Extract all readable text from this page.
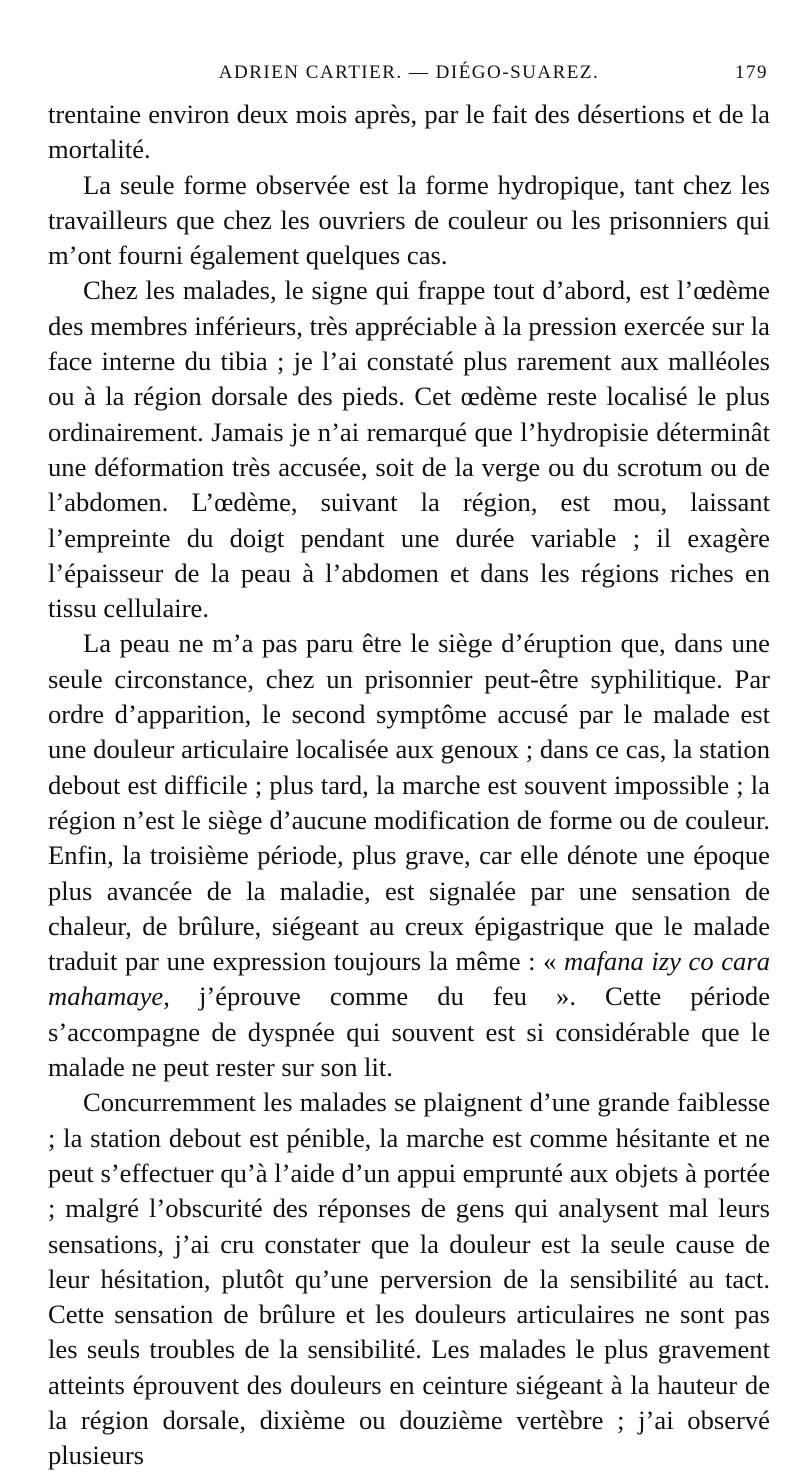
ADRIEN CARTIER. — DIÉGO-SUAREZ.	179

trentaine environ deux mois après, par le fait des désertions et de la mortalité.

La seule forme observée est la forme hydropique, tant chez les travailleurs que chez les ouvriers de couleur ou les prisonniers qui m’ont fourni également quelques cas.

Chez les malades, le signe qui frappe tout d’abord, est l’œdème des membres inférieurs, très appréciable à la pression exercée sur la face interne du tibia ; je l’ai constaté plus rarement aux malléoles ou à la région dorsale des pieds. Cet œdème reste localisé le plus ordinairement. Jamais je n’ai remarqué que l’hydropisie déterminât une déformation très accusée, soit de la verge ou du scrotum ou de l’abdomen. L’œdème, suivant la région, est mou, laissant l’empreinte du doigt pendant une durée variable ; il exagère l’épaisseur de la peau à l’abdomen et dans les régions riches en tissu cellulaire.

La peau ne m’a pas paru être le siège d’éruption que, dans une seule circonstance, chez un prisonnier peut-être syphilitique. Par ordre d’apparition, le second symptôme accusé par le malade est une douleur articulaire localisée aux genoux ; dans ce cas, la station debout est difficile ; plus tard, la marche est souvent impossible ; la région n’est le siège d’aucune modification de forme ou de couleur. Enfin, la troisième période, plus grave, car elle dénote une époque plus avancée de la maladie, est signalée par une sensation de chaleur, de brûlure, siégeant au creux épigastrique que le malade traduit par une expression toujours la même : « mafana izy co cara mahamaye, j’éprouve comme du feu ». Cette période s’accompagne de dyspnée qui souvent est si considérable que le malade ne peut rester sur son lit.

Concurremment les malades se plaignent d’une grande faiblesse ; la station debout est pénible, la marche est comme hésitante et ne peut s’effectuer qu’à l’aide d’un appui emprunté aux objets à portée ; malgré l’obscurité des réponses de gens qui analysent mal leurs sensations, j’ai cru constater que la douleur est la seule cause de leur hésitation, plutôt qu’une perversion de la sensibilité au tact. Cette sensation de brûlure et les douleurs articulaires ne sont pas les seuls troubles de la sensibilité. Les malades le plus gravement atteints éprouvent des douleurs en ceinture siégeant à la hauteur de la région dorsale, dixième ou douzième vertèbre ; j’ai observé plusieurs
